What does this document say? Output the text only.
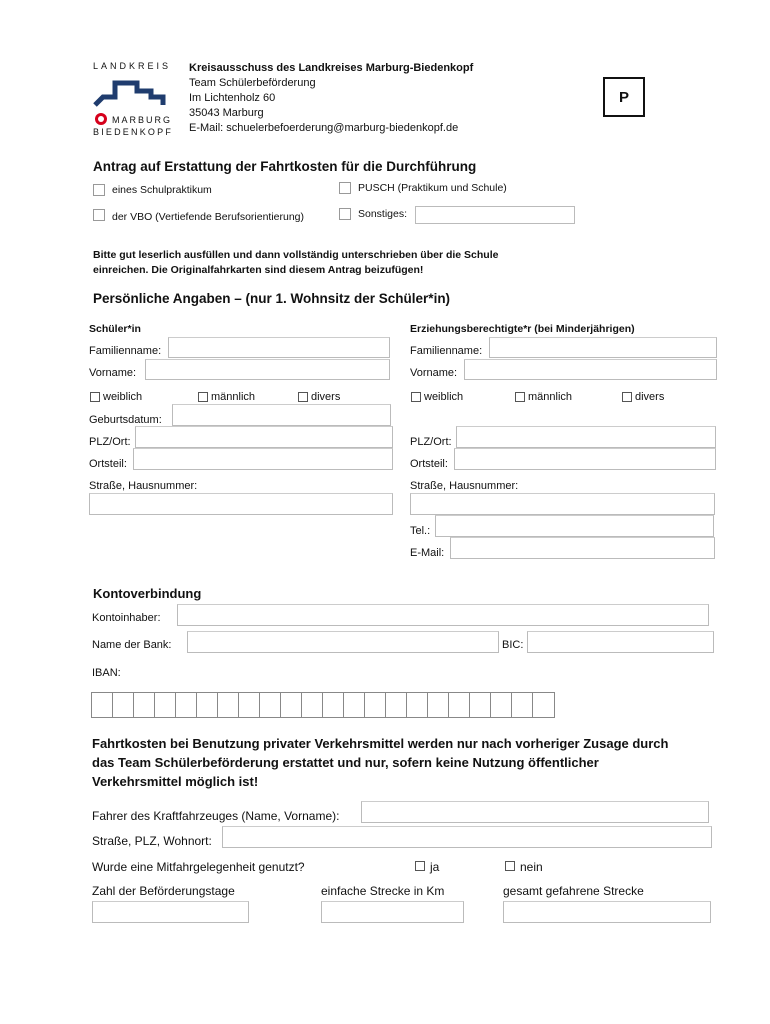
LANDKREIS
MARBURG
BIEDENKOPF
Kreisausschuss des Landkreises Marburg-Biedenkopf
Team Schülerbeförderung
Im Lichtenholz 60
35043 Marburg
E-Mail: schuelerbefoerderung@marburg-biedenkopf.de
P
Antrag auf Erstattung der Fahrtkosten für die Durchführung
eines Schulpraktikum	PUSCH (Praktikum und Schule)
der VBO (Vertiefende Berufsorientierung)	Sonstiges:
Bitte gut leserlich ausfüllen und dann vollständig unterschrieben über die Schule
einreichen. Die Originalfahrkarten sind diesem Antrag beizufügen!
Persönliche Angaben – (nur 1. Wohnsitz der Schüler*in)
Schüler*in	Erziehungsberechtigte*r (bei Minderjährigen)
Familienname:
Vorname:
weiblich	männlich	divers
Geburtsdatum:
PLZ/Ort:
Ortsteil:
Straße, Hausnummer:
Familienname:
Vorname:
weiblich	männlich	divers
PLZ/Ort:
Ortsteil:
Straße, Hausnummer:
Tel.:
E-Mail:
Kontoverbindung
Kontoinhaber:
Name der Bank:	BIC:
IBAN:
Fahrtkosten bei Benutzung privater Verkehrsmittel werden nur nach vorheriger Zusage durch
das Team Schülerbeförderung erstattet und nur, sofern keine Nutzung öffentlicher
Verkehrsmittel möglich ist!
Fahrer des Kraftfahrzeuges (Name, Vorname):
Straße, PLZ, Wohnort:
Wurde eine Mitfahrgelegenheit genutzt?	ja	nein
Zahl der Beförderungstage	einfache Strecke in Km	gesamt gefahrene Strecke
